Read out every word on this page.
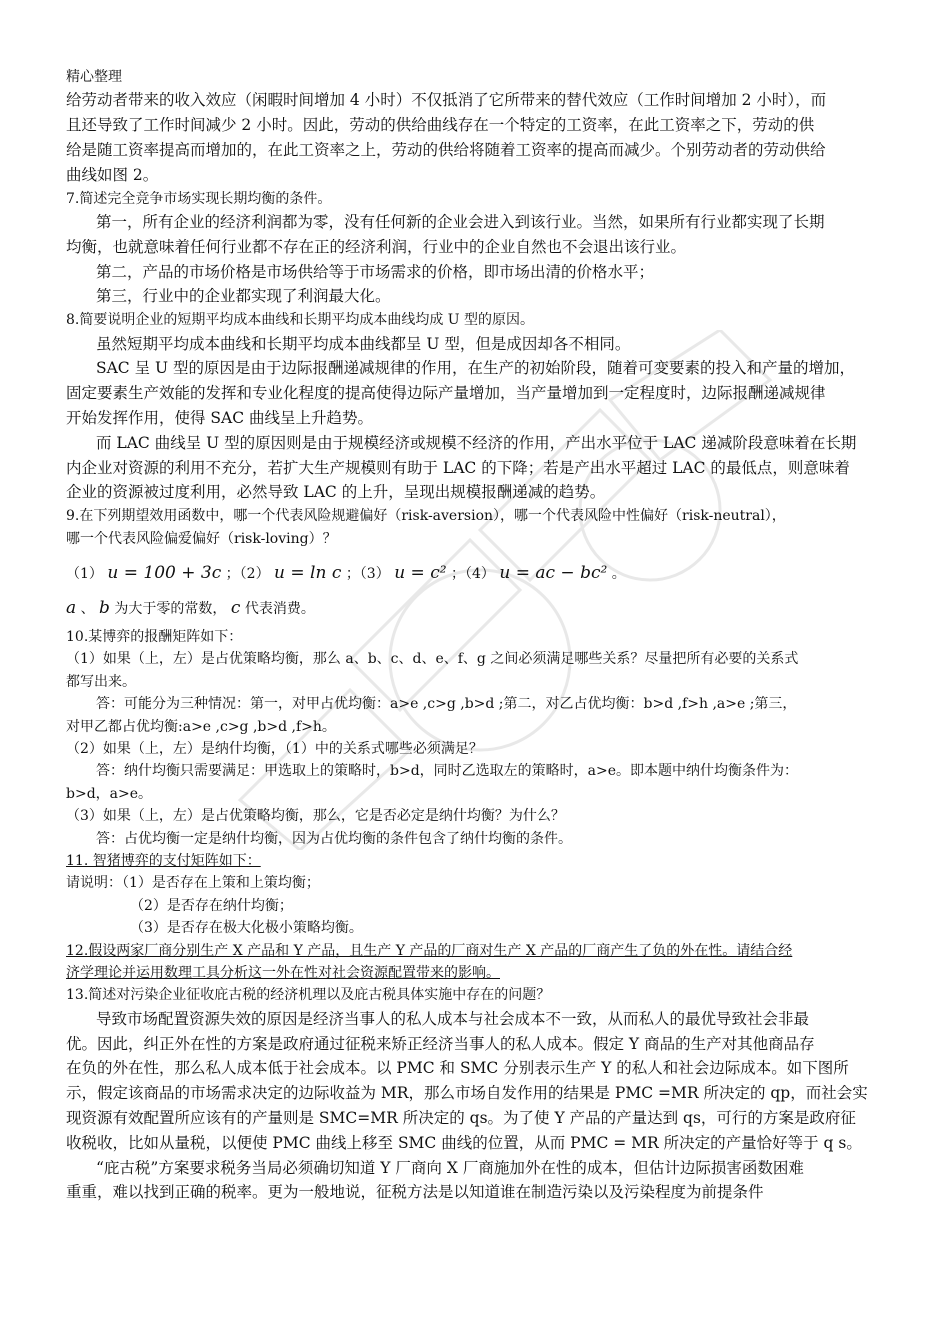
精心整理

给劳动者带来的收入效应（闲暇时间增加 4 小时）不仅抵消了它所带来的替代效应（工作时间增加 2 小时），而

且还导致了工作时间减少 2 小时。因此，劳动的供给曲线存在一个特定的工资率，在此工资率之下，劳动的供

给是随工资率提高而增加的，在此工资率之上，劳动的供给将随着工资率的提高而减少。个别劳动者的劳动供给

曲线如图 2。

7.简述完全竞争市场实现长期均衡的条件。

第一，所有企业的经济利润都为零，没有任何新的企业会进入到该行业。当然，如果所有行业都实现了长期

均衡，也就意味着任何行业都不存在正的经济利润，行业中的企业自然也不会退出该行业。

第二，产品的市场价格是市场供给等于市场需求的价格，即市场出清的价格水平；

第三，行业中的企业都实现了利润最大化。

8.简要说明企业的短期平均成本曲线和长期平均成本曲线均成 U 型的原因。

虽然短期平均成本曲线和长期平均成本曲线都呈 U 型，但是成因却各不相同。

SAC 呈 U 型的原因是由于边际报酬递减规律的作用，在生产的初始阶段，随着可变要素的投入和产量的增加，

固定要素生产效能的发挥和专业化程度的提高使得边际产量增加，当产量增加到一定程度时，边际报酬递减规律

开始发挥作用，使得 SAC 曲线呈上升趋势。

而 LAC 曲线呈 U 型的原因则是由于规模经济或规模不经济的作用，产出水平位于 LAC 递减阶段意味着在长期

内企业对资源的利用不充分，若扩大生产规模则有助于 LAC 的下降；若是产出水平超过 LAC 的最低点，则意味着

企业的资源被过度利用，必然导致 LAC 的上升，呈现出规模报酬递减的趋势。

9.在下列期望效用函数中，哪一个代表风险规避偏好（risk-aversion），哪一个代表风险中性偏好（risk-neutral），

哪一个代表风险偏爱偏好（risk-loving）？

（1） u = 100 + 3c ；（2） u = ln c ；（3） u = c² ；（4） u = ac − bc² 。
a 、 b 为大于零的常数， c 代表消费。

10.某博弈的报酬矩阵如下：

（1）如果（上，左）是占优策略均衡，那么 a、b、c、d、e、f、g 之间必须满足哪些关系？尽量把所有必要的关系式

都写出来。

答：可能分为三种情况：第一，对甲占优均衡：a>e ,c>g ,b>d ;第二，对乙占优均衡：b>d ,f>h ,a>e ;第三，

对甲乙都占优均衡:a>e ,c>g ,b>d ,f>h。

（2）如果（上，左）是纳什均衡，（1）中的关系式哪些必须满足？

答：纳什均衡只需要满足：甲选取上的策略时，b>d，同时乙选取左的策略时，a>e。即本题中纳什均衡条件为：

b>d，a>e。

（3）如果（上，左）是占优策略均衡，那么，它是否必定是纳什均衡？为什么？

答：占优均衡一定是纳什均衡，因为占优均衡的条件包含了纳什均衡的条件。

11. 智猪博弈的支付矩阵如下：

请说明：（1）是否存在上策和上策均衡；

（2）是否存在纳什均衡；

（3）是否存在极大化极小策略均衡。

12.假设两家厂商分别生产 X 产品和 Y 产品，且生产 Y 产品的厂商对生产 X 产品的厂商产生了负的外在性。请结合经

济学理论并运用数理工具分析这一外在性对社会资源配置带来的影响。

13.简述对污染企业征收庇古税的经济机理以及庇古税具体实施中存在的问题？

导致市场配置资源失效的原因是经济当事人的私人成本与社会成本不一致，从而私人的最优导致社会非最

优。因此，纠正外在性的方案是政府通过征税来矫正经济当事人的私人成本。假定 Y 商品的生产对其他商品存

在负的外在性，那么私人成本低于社会成本。以 PMC 和 SMC 分别表示生产 Y 的私人和社会边际成本。如下图所

示，假定该商品的市场需求决定的边际收益为 MR，那么市场自发作用的结果是 PMC =MR 所决定的 qp，而社会实

现资源有效配置所应该有的产量则是 SMC=MR 所决定的 qs。为了使 Y 产品的产量达到 qs，可行的方案是政府征

收税收，比如从量税，以便使 PMC 曲线上移至 SMC 曲线的位置，从而 PMC = MR 所决定的产量恰好等于 q s。

“庇古税”方案要求税务当局必须确切知道 Y 厂商向 X 厂商施加外在性的成本，但估计边际损害函数困难

重重，难以找到正确的税率。更为一般地说，征税方法是以知道谁在制造污染以及污染程度为前提条件
